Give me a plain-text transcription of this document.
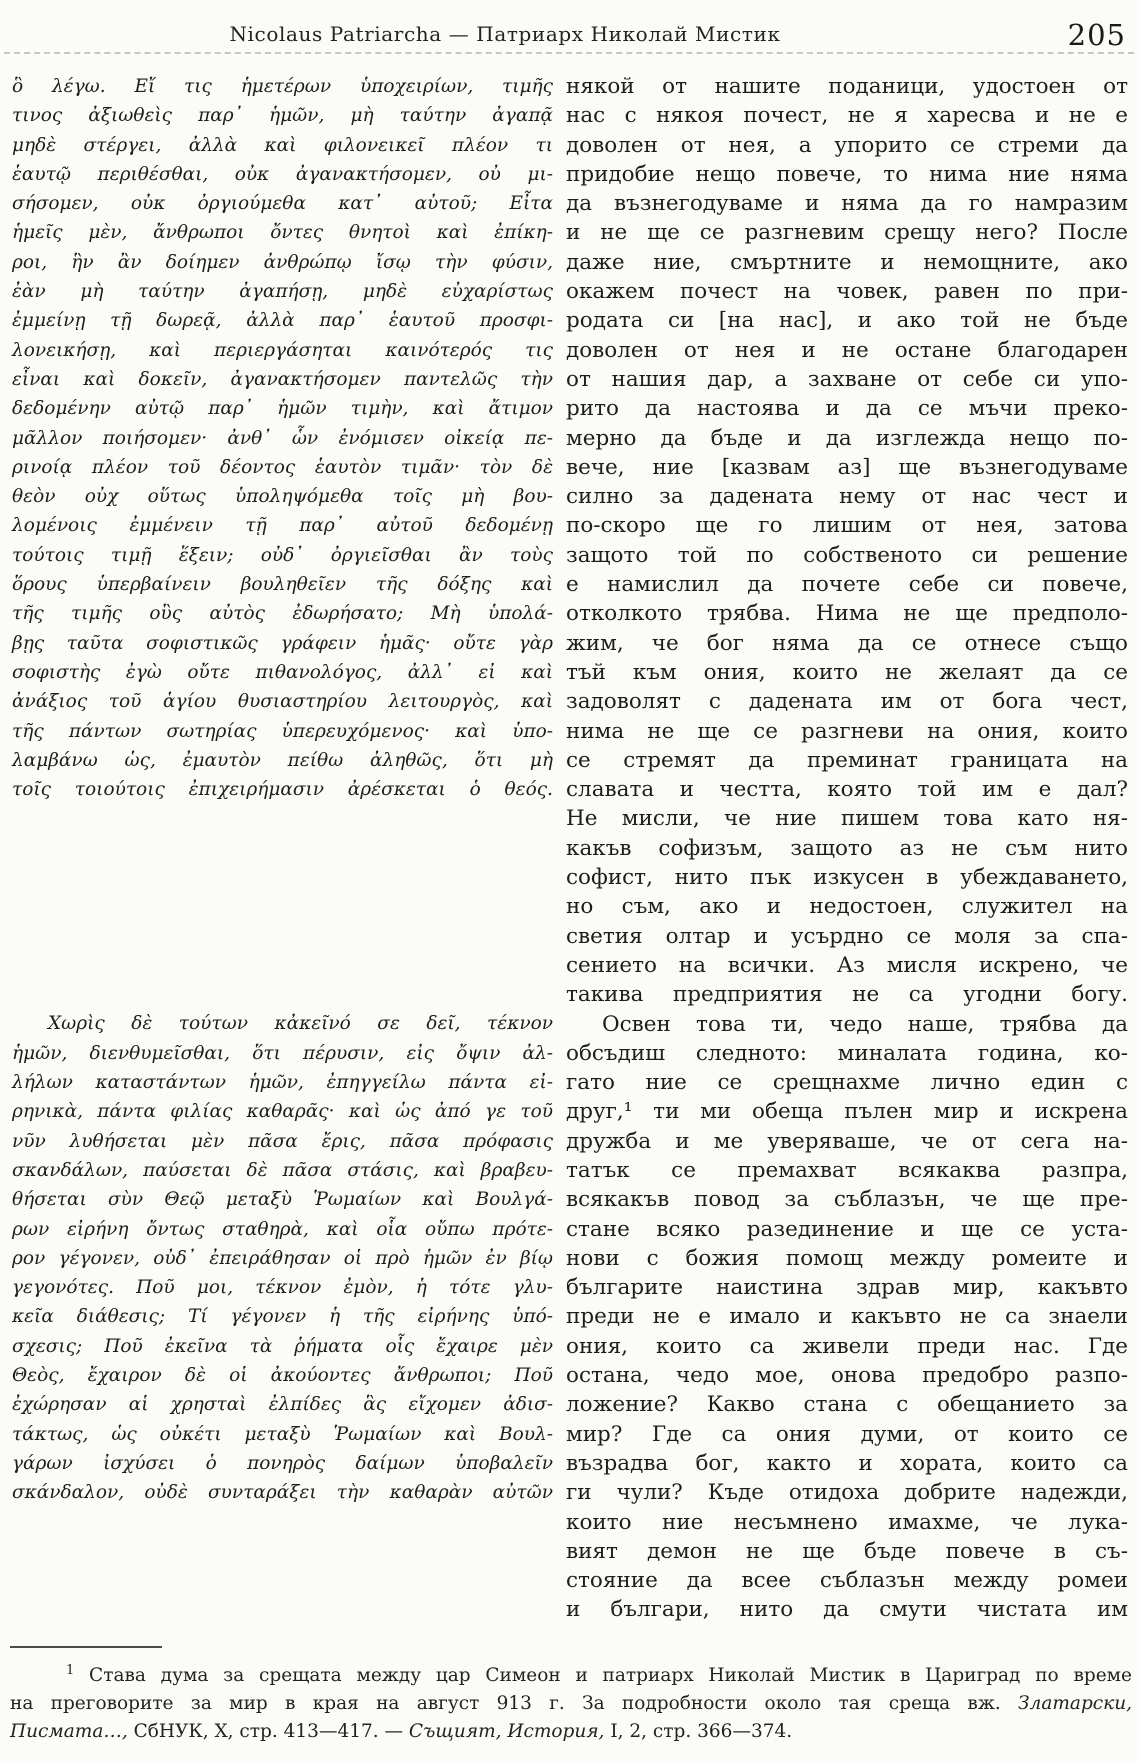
Nicolaus Patriarcha — Патриарх Николай Мистик	205
ὃ λέγω. Εἴ τις ἡμετέρων ὑποχειρίων, τιμῆς
τινος ἀξιωθεὶς παρ᾽ ἡμῶν, μὴ ταύτην ἀγαπᾷ
μηδὲ στέργει, ἀλλὰ καὶ φιλονεικεῖ πλέον τι
ἑαυτῷ περιθέσθαι, οὐκ ἀγανακτήσομεν, οὐ μι-
σήσομεν, οὐκ ὀργιούμεθα κατ᾽ αὐτοῦ; Εἶτα
ἡμεῖς μὲν, ἄνθρωποι ὄντες θνητοὶ καὶ ἐπίκη-
ροι, ἣν ἂν δοίημεν ἀνθρώπῳ ἴσῳ τὴν φύσιν,
ἐὰν μὴ ταύτην ἀγαπήσῃ, μηδὲ εὐχαρίστως
ἐμμείνῃ τῇ δωρεᾷ, ἀλλὰ παρ᾽ ἑαυτοῦ προσφι-
λονεικήσῃ, καὶ περιεργάσηται καινότερός τις
εἶναι καὶ δοκεῖν, ἀγανακτήσομεν παντελῶς τὴν
δεδομένην αὐτῷ παρ᾽ ἡμῶν τιμὴν, καὶ ἄτιμον
μᾶλλον ποιήσομεν· ἀνθ᾽ ὧν ἐνόμισεν οἰκείᾳ πε-
ρινοίᾳ πλέον τοῦ δέοντος ἑαυτὸν τιμᾶν· τὸν δὲ
θεὸν οὐχ οὕτως ὑποληψόμεθα τοῖς μὴ βου-
λομένοις ἐμμένειν τῇ παρ᾽ αὐτοῦ δεδομένῃ
τούτοις τιμῇ ἕξειν; οὐδ᾽ ὀργιεῖσθαι ἂν τοὺς
ὅρους ὑπερβαίνειν βουληθεῖεν τῆς δόξης καὶ
τῆς τιμῆς οὓς αὐτὸς ἐδωρήσατο; Μὴ ὑπολά-
βῃς ταῦτα σοφιστικῶς γράφειν ἡμᾶς· οὔτε γὰρ
σοφιστὴς ἐγὼ οὔτε πιθανολόγος, ἀλλ᾽ εἰ καὶ
ἀνάξιος τοῦ ἁγίου θυσιαστηρίου λειτουργὸς, καὶ
τῆς πάντων σωτηρίας ὑπερευχόμενος· καὶ ὑπο-
λαμβάνω ὡς, ἐμαυτὸν πείθω ἀληθῶς, ὅτι μὴ
τοῖς τοιούτοις ἐπιχειρήμασιν ἀρέσκεται ὁ θεός.
Χωρὶς δὲ τούτων κἀκεῖνό σε δεῖ, τέκνον
ἡμῶν, διενθυμεῖσθαι, ὅτι πέρυσιν, εἰς ὄψιν ἀλ-
λήλων καταστάντων ἡμῶν, ἐπηγγείλω πάντα εἰ-
ρηνικὰ, πάντα φιλίας καθαρᾶς· καὶ ὡς ἀπό γε τοῦ
νῦν λυθήσεται μὲν πᾶσα ἔρις, πᾶσα πρόφασις
σκανδάλων, παύσεται δὲ πᾶσα στάσις, καὶ βραβευ-
θήσεται σὺν Θεῷ μεταξὺ Ῥωμαίων καὶ Βουλγά-
ρων εἰρήνη ὄντως σταθηρὰ, καὶ οἷα οὔπω πρότε-
ρον γέγονεν, οὐδ᾽ ἐπειράθησαν οἱ πρὸ ἡμῶν ἐν βίῳ
γεγονότες. Ποῦ μοι, τέκνον ἐμὸν, ἡ τότε γλυ-
κεῖα διάθεσις; Τί γέγονεν ἡ τῆς εἰρήνης ὑπό-
σχεσις; Ποῦ ἐκεῖνα τὰ ῥήματα οἷς ἔχαιρε μὲν
Θεὸς, ἔχαιρον δὲ οἱ ἀκούοντες ἄνθρωποι; Ποῦ
ἐχώρησαν αἱ χρησταὶ ἐλπίδες ἃς εἴχομεν ἀδισ-
τάκτως, ὡς οὐκέτι μεταξὺ Ῥωμαίων καὶ Βουλ-
γάρων ἰσχύσει ὁ πονηρὸς δαίμων ὑποβαλεῖν
σκάνδαλον, οὐδὲ συνταράξει τὴν καθαρὰν αὐτῶν
някой от нашите поданици, удостоен от
нас с някоя почест, не я харесва и не е
доволен от нея, а упорито се стреми да
придобие нещо повече, то нима ние няма
да възнегодуваме и няма да го намразим
и не ще се разгневим срещу него? После
даже ние, смъртните и немощните, ако
окажем почест на човек, равен по при-
родата си [на нас], и ако той не бъде
доволен от нея и не остане благодарен
от нашия дар, а захване от себе си упо-
рито да настоява и да се мъчи преко-
мерно да бъде и да изглежда нещо по-
вече, ние [казвам аз] ще възнегодуваме
силно за дадената нему от нас чест и
по-скоро ще го лишим от нея, затова
защото той по собственото си решение
е намислил да почете себе си повече,
отколкото трябва. Нима не ще предполо-
жим, че бог няма да се отнесе също
тъй към ония, които не желаят да се
задоволят с дадената им от бога чест,
нима не ще се разгневи на ония, които
се стремят да преминат границата на
славата и честта, която той им е дал?
Не мисли, че ние пишем това като ня-
какъв софизъм, защото аз не съм нито
софист, нито пък изкусен в убеждаването,
но съм, ако и недостоен, служител на
светия олтар и усърдно се моля за спа-
сението на всички. Аз мисля искрено, че
такива предприятия не са угодни богу.
Освен това ти, чедо наше, трябва да
обсъдиш следното: миналата година, ко-
гато ние се срещнахме лично един с
друг,¹ ти ми обеща пълен мир и искрена
дружба и ме уверяваше, че от сега на-
татък се премахват всякаква разпра,
всякакъв повод за съблазън, че ще пре-
стане всяко разединение и ще се уста-
нови с божия помощ между ромеите и
българите наистина здрав мир, какъвто
преди не е имало и какъвто не са знаели
ония, които са живели преди нас. Где
остана, чедо мое, онова предобро разпо-
ложение? Какво стана с обещанието за
мир? Где са ония думи, от които се
възрадва бог, както и хората, които са
ги чули? Къде отидоха добрите надежди,
които ние несъмнено имахме, че лука-
вият демон не ще бъде повече в съ-
стояние да всее съблазън между ромеи
и българи, нито да смути чистата им
$^1$ Става дума за срещата между цар Симеон и патриарх Николай Мистик в Цариград по време
на преговорите за мир в края на август 913 г. За подробности около тая среща вж. Златарски,
Писмата…, СбНУК, X, стр. 413—417. — Същият, История, I, 2, стр. 366—374.
